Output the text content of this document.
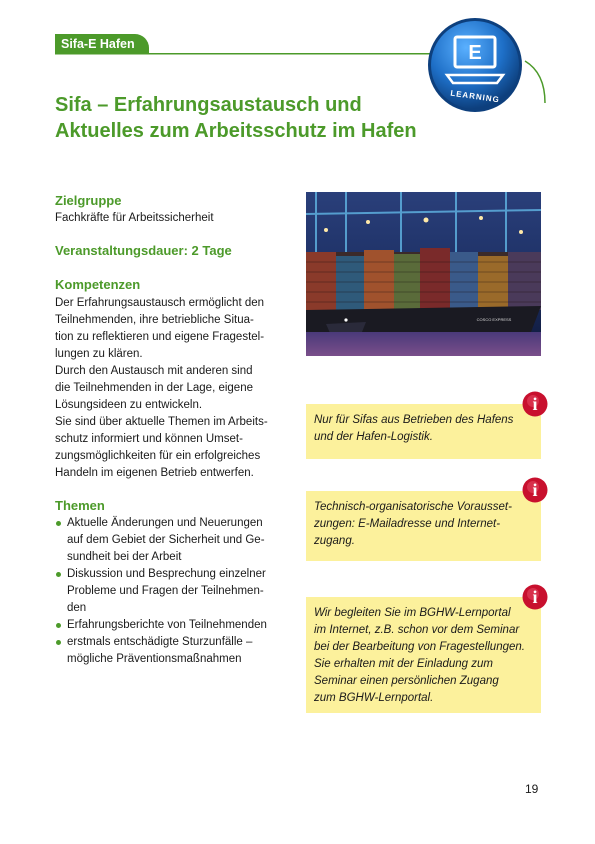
Sifa-E Hafen
Sifa – Erfahrungsaustausch und
Aktuelles zum Arbeitsschutz im Hafen
E
LEARNING

Zielgruppe

Fachkräfte für Arbeitssicherheit

Veranstaltungsdauer: 2 Tage

Kompetenzen

Der Erfahrungsaustausch ermöglicht den
Teilnehmenden, ihre betriebliche Situa-
tion zu reflektieren und eigene Fragestel-
lungen zu klären.
Durch den Austausch mit anderen sind
die Teilnehmenden in der Lage, eigene
Lösungsideen zu entwickeln.
Sie sind über aktuelle Themen im Arbeits-
schutz informiert und können Umset-
zungsmöglichkeiten für ein erfolgreiches
Handeln im eigenen Betrieb entwerfen.

Themen

Aktuelle Änderungen und Neuerungen
auf dem Gebiet der Sicherheit und Ge-
sundheit bei der Arbeit
Diskussion und Besprechung einzelner
Probleme und Fragen der Teilnehmen-
den
Erfahrungsberichte von Teilnehmenden
erstmals entschädigte Sturzunfälle –
mögliche Präventionsmaßnahmen
COSCO EXPRESS

Nur für Sifas aus Betrieben des Hafens
und der Hafen-Logistik.

Technisch-organisatorische Vorausset-
zungen: E-Mailadresse und Internet-
zugang.

Wir begleiten Sie im BGHW-Lernportal
im Internet, z.B. schon vor dem Seminar
bei der Bearbeitung von Fragestellungen.
Sie erhalten mit der Einladung zum
Seminar einen persönlichen Zugang
zum BGHW-Lernportal.

i
i
i
19
